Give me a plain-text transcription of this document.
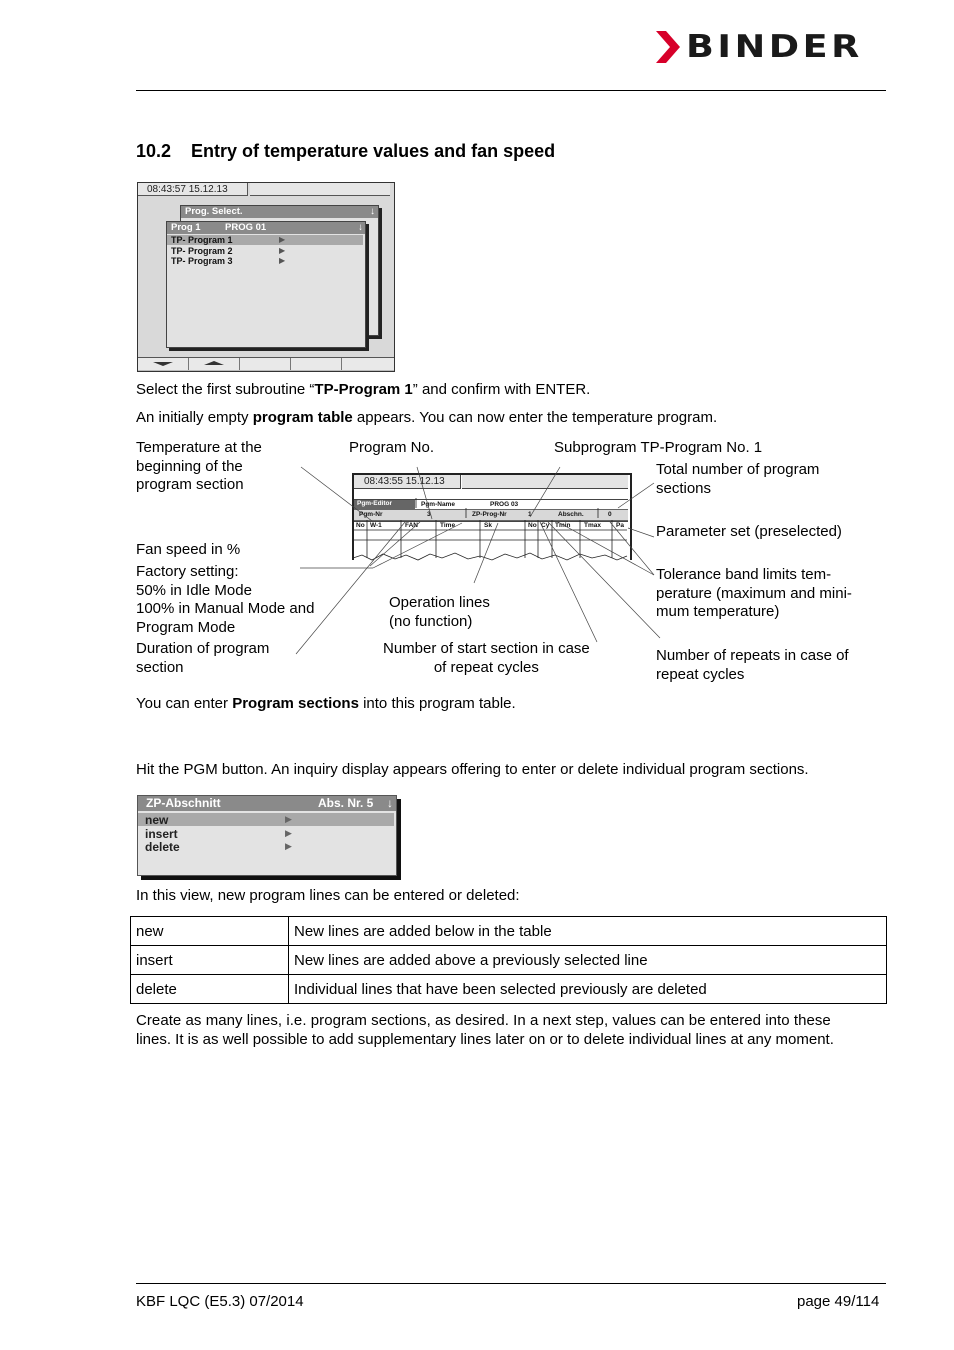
BINDER
10.2 Entry of temperature values and fan speed
08:43:57 15.12.13
Prog. Select.	↓
Prog 1	PROG 01	↓
TP- Program 1
TP- Program 2
TP- Program 3
▶
▶
▶
Select the first subroutine “TP-Program 1” and confirm with ENTER.
An initially empty program table appears. You can now enter the temperature program.
Temperature at the
beginning of the
program section
Program No.	Subprogram TP-Program No. 1
Total number of program
sections
Parameter set (preselected)
Fan speed in %
Factory setting:
50% in Idle Mode
100% in Manual Mode and
Program Mode
Tolerance band limits tem-
perature (maximum and mini-
mum temperature)
Operation lines
(no function)
Duration of program
section
Number of start section in case
of repeat cycles
Number of repeats in case of
repeat cycles
08:43:55 15.12.13
Pgm-Editor	Pgm-Name	PROG 03
Pgm-Nr	3	ZP-Prog-Nr	1	Abschn.	0
No W-1	FAN	Time	Sk	No Cy Tmin Tmax Pa
You can enter Program sections into this program table.
Hit the PGM button. An inquiry display appears offering to enter or delete individual program sections.
ZP-Abschnitt	Abs. Nr. 5 ↓
new
insert
delete
▶
▶
▶
In this view, new program lines can be entered or deleted:
new	New lines are added below in the table
insert	New lines are added above a previously selected line
delete	Individual lines that have been selected previously are deleted
Create as many lines, i.e. program sections, as desired. In a next step, values can be entered into these
lines. It is as well possible to add supplementary lines later on or to delete individual lines at any moment.
KBF LQC (E5.3) 07/2014	page 49/114
